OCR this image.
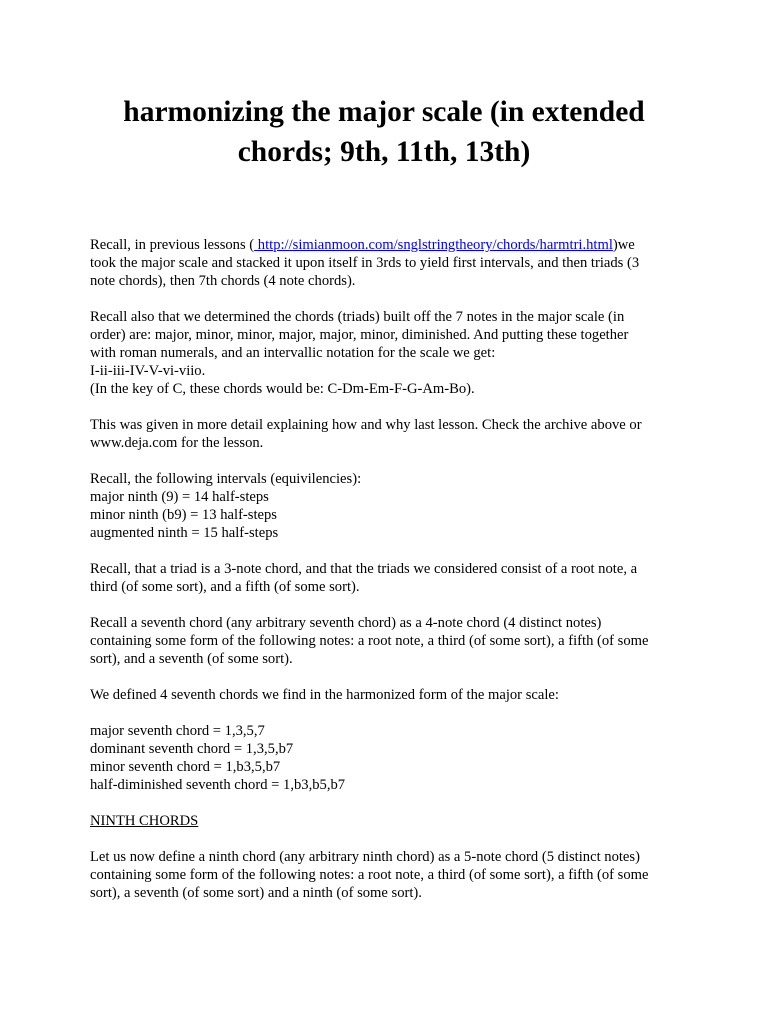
harmonizing the major scale (in extended
chords; 9th, 11th, 13th)

Recall, in previous lessons ( http://simianmoon.com/snglstringtheory/chords/harmtri.html)we
took the major scale and stacked it upon itself in 3rds to yield first intervals, and then triads (3
note chords), then 7th chords (4 note chords).

Recall also that we determined the chords (triads) built off the 7 notes in the major scale (in
order) are: major, minor, minor, major, major, minor, diminished. And putting these together
with roman numerals, and an intervallic notation for the scale we get:
I-ii-iii-IV-V-vi-viio.
(In the key of C, these chords would be: C-Dm-Em-F-G-Am-Bo).

This was given in more detail explaining how and why last lesson. Check the archive above or
www.deja.com for the lesson.

Recall, the following intervals (equivilencies):
major ninth (9) = 14 half-steps
minor ninth (b9) = 13 half-steps
augmented ninth = 15 half-steps

Recall, that a triad is a 3-note chord, and that the triads we considered consist of a root note, a
third (of some sort), and a fifth (of some sort).

Recall a seventh chord (any arbitrary seventh chord) as a 4-note chord (4 distinct notes)
containing some form of the following notes: a root note, a third (of some sort), a fifth (of some
sort), and a seventh (of some sort).

We defined 4 seventh chords we find in the harmonized form of the major scale:

major seventh chord = 1,3,5,7
dominant seventh chord = 1,3,5,b7
minor seventh chord = 1,b3,5,b7
half-diminished seventh chord = 1,b3,b5,b7

NINTH CHORDS

Let us now define a ninth chord (any arbitrary ninth chord) as a 5-note chord (5 distinct notes)
containing some form of the following notes: a root note, a third (of some sort), a fifth (of some
sort), a seventh (of some sort) and a ninth (of some sort).
